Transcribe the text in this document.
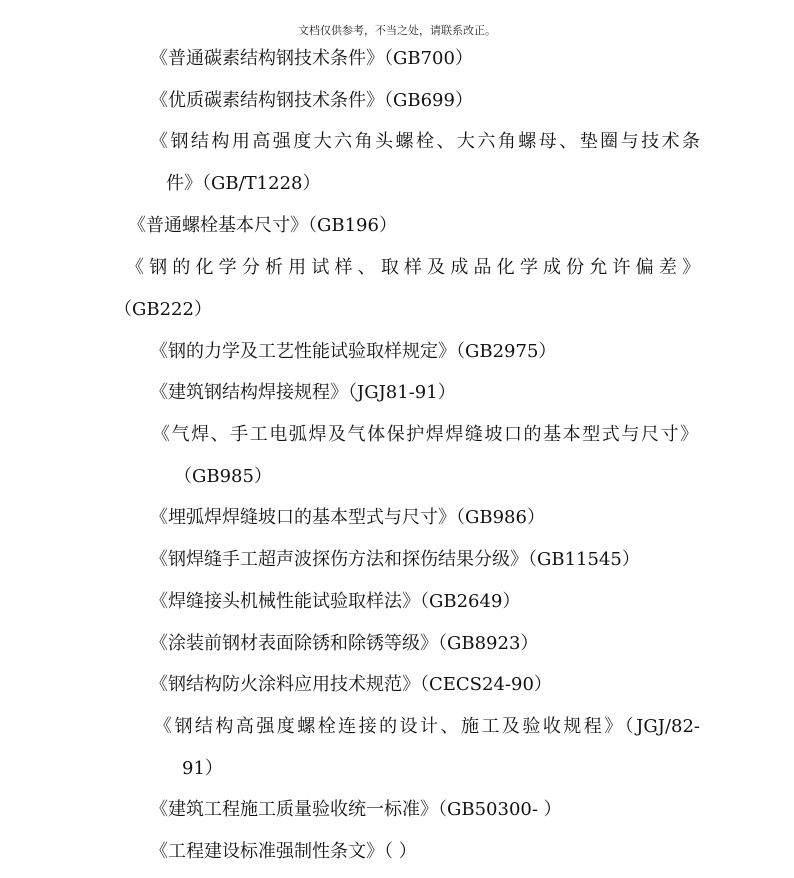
文档仅供参考，不当之处，请联系改正。
《普通碳素结构钢技术条件》（GB700）
《优质碳素结构钢技术条件》（GB699）
《钢结构用高强度大六角头螺栓、大六角螺母、垫圈与技术条
件》（GB/T1228）
《普通螺栓基本尺寸》（GB196）
《钢的化学分析用试样、取样及成品化学成份允许偏差》
（GB222）
《钢的力学及工艺性能试验取样规定》（GB2975）
《建筑钢结构焊接规程》（JGJ81-91）
《气焊、手工电弧焊及气体保护焊焊缝坡口的基本型式与尺寸》
（GB985）
《埋弧焊焊缝坡口的基本型式与尺寸》（GB986）
《钢焊缝手工超声波探伤方法和探伤结果分级》（GB11545）
《焊缝接头机械性能试验取样法》（GB2649）
《涂装前钢材表面除锈和除锈等级》（GB8923）
《钢结构防火涂料应用技术规范》（CECS24-90）
《钢结构高强度螺栓连接的设计、施工及验收规程》（JGJ/82-
91）
《建筑工程施工质量验收统一标准》（GB50300- ）
《工程建设标准强制性条文》（ ）
